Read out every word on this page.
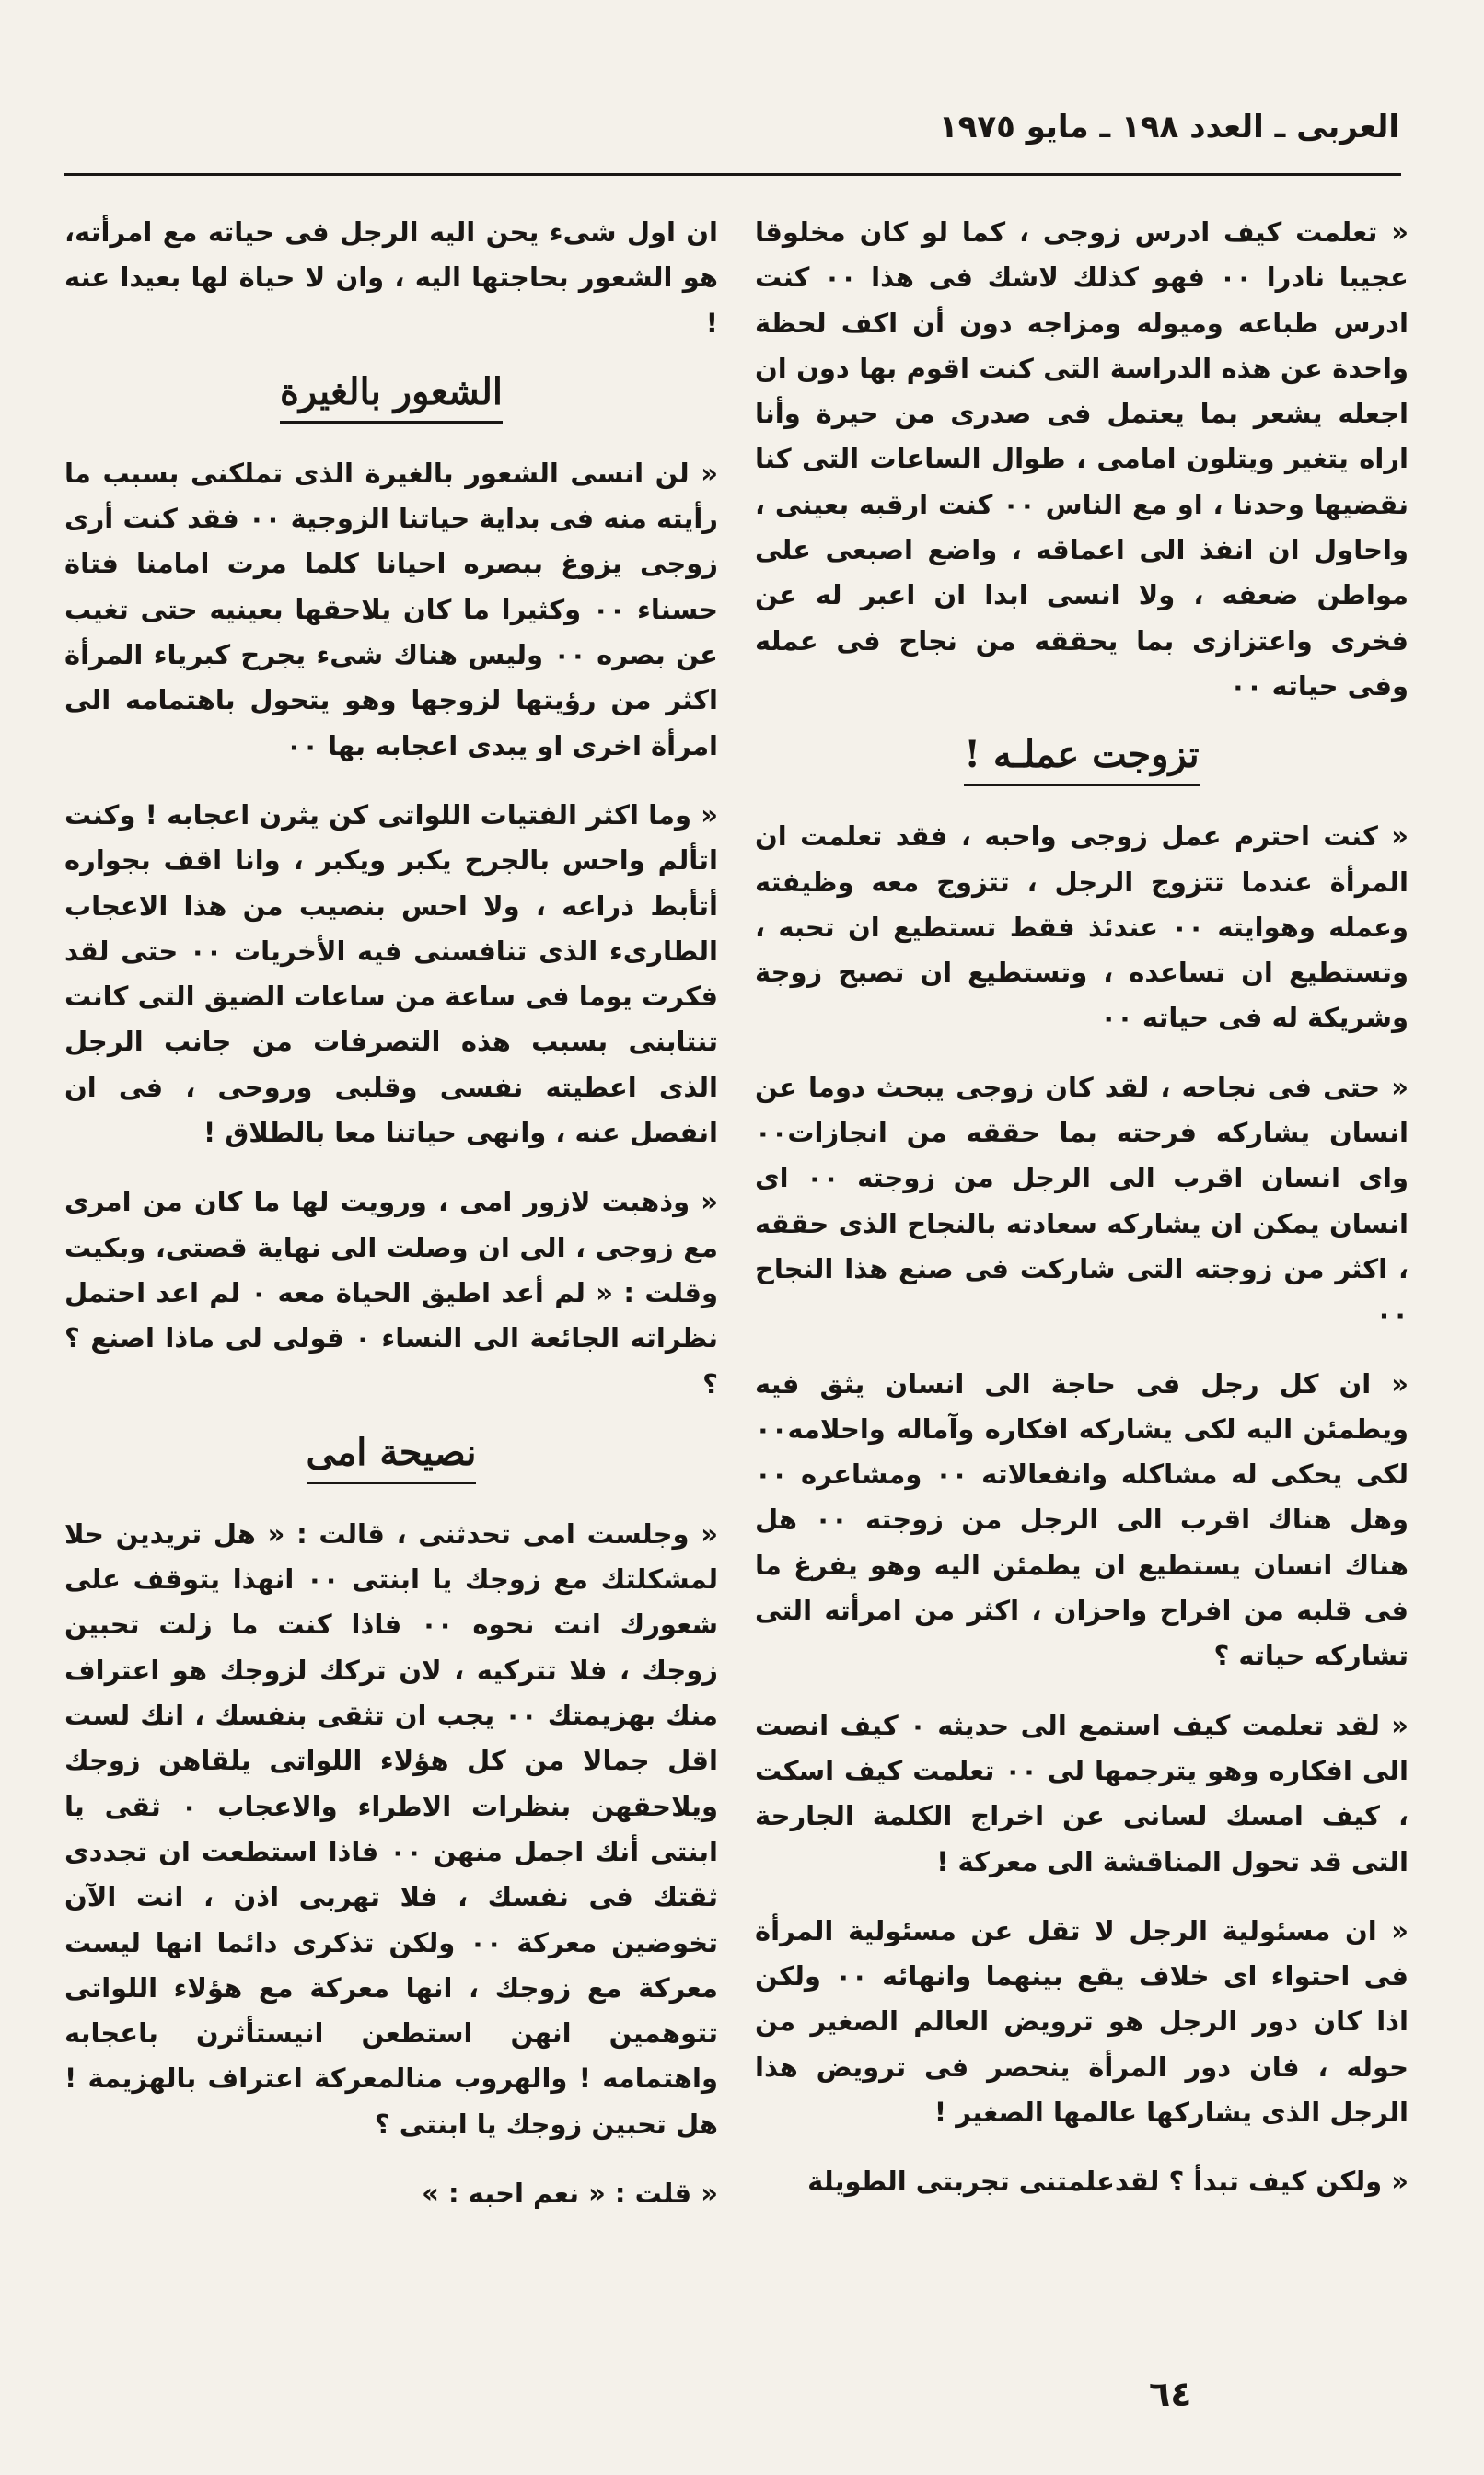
العربى ـ العدد ١٩٨ ـ مايو ١٩٧٥

« تعلمت كيف ادرس زوجى ، كما لو كان مخلوقا عجيبا نادرا ٠٠ فهو كذلك لاشك فى هذا ٠٠ كنت ادرس طباعه وميوله ومزاجه دون أن اكف لحظة واحدة عن هذه الدراسة التى كنت اقوم بها دون ان اجعله يشعر بما يعتمل فى صدرى من حيرة وأنا اراه يتغير ويتلون امامى ، طوال الساعات التى كنا نقضيها وحدنا ، او مع الناس ٠٠ كنت ارقبه بعينى ، واحاول ان انفذ الى اعماقه ، واضع اصبعى على مواطن ضعفه ، ولا انسى ابدا ان اعبر له عن فخرى واعتزازى بما يحققه من نجاح فى عمله وفى حياته ٠٠

تزوجت عملـه !

« كنت احترم عمل زوجى واحبه ، فقد تعلمت ان المرأة عندما تتزوج الرجل ، تتزوج معه وظيفته وعمله وهوايته ٠٠ عندئذ فقط تستطيع ان تحبه ، وتستطيع ان تساعده ، وتستطيع ان تصبح زوجة وشريكة له فى حياته ٠٠

« حتى فى نجاحه ، لقد كان زوجى يبحث دوما عن انسان يشاركه فرحته بما حققه من انجازات٠٠ واى انسان اقرب الى الرجل من زوجته ٠٠ اى انسان يمكن ان يشاركه سعادته بالنجاح الذى حققه ، اكثر من زوجته التى شاركت فى صنع هذا النجاح ٠٠

« ان كل رجل فى حاجة الى انسان يثق فيه ويطمئن اليه لكى يشاركه افكاره وآماله واحلامه٠٠ لكى يحكى له مشاكله وانفعالاته ٠٠ ومشاعره ٠٠ وهل هناك اقرب الى الرجل من زوجته ٠٠ هل هناك انسان يستطيع ان يطمئن اليه وهو يفرغ ما فى قلبه من افراح واحزان ، اكثر من امرأته التى تشاركه حياته ؟

« لقد تعلمت كيف استمع الى حديثه ٠ كيف انصت الى افكاره وهو يترجمها لى ٠٠ تعلمت كيف اسكت ، كيف امسك لسانى عن اخراج الكلمة الجارحة التى قد تحول المناقشة الى معركة !

« ان مسئولية الرجل لا تقل عن مسئولية المرأة فى احتواء اى خلاف يقع بينهما وانهائه ٠٠ ولكن اذا كان دور الرجل هو ترويض العالم الصغير من حوله ، فان دور المرأة ينحصر فى ترويض هذا الرجل الذى يشاركها عالمها الصغير !

« ولكن كيف تبدأ ؟ لقدعلمتنى تجربتى الطويلة

ان اول شىء يحن اليه الرجل فى حياته مع امرأته، هو الشعور بحاجتها اليه ، وان لا حياة لها بعيدا عنه !

الشعور بالغيرة

« لن انسى الشعور بالغيرة الذى تملكنى بسبب ما رأيته منه فى بداية حياتنا الزوجية ٠٠ فقد كنت أرى زوجى يزوغ ببصره احيانا كلما مرت امامنا فتاة حسناء ٠٠ وكثيرا ما كان يلاحقها بعينيه حتى تغيب عن بصره ٠٠ وليس هناك شىء يجرح كبرياء المرأة اكثر من رؤيتها لزوجها وهو يتحول باهتمامه الى امرأة اخرى او يبدى اعجابه بها ٠٠

« وما اكثر الفتيات اللواتى كن يثرن اعجابه ! وكنت اتألم واحس بالجرح يكبر ويكبر ، وانا اقف بجواره أتأبط ذراعه ، ولا احس بنصيب من هذا الاعجاب الطارىء الذى تنافسنى فيه الأخريات ٠٠ حتى لقد فكرت يوما فى ساعة من ساعات الضيق التى كانت تنتابنى بسبب هذه التصرفات من جانب الرجل الذى اعطيته نفسى وقلبى وروحى ، فى ان انفصل عنه ، وانهى حياتنا معا بالطلاق !

« وذهبت لازور امى ، ورويت لها ما كان من امرى مع زوجى ، الى ان وصلت الى نهاية قصتى، وبكيت وقلت : « لم أعد اطيق الحياة معه ٠ لم اعد احتمل نظراته الجائعة الى النساء ٠ قولى لى ماذا اصنع ؟ ؟

نصيحة امى

« وجلست امى تحدثنى ، قالت : « هل تريدين حلا لمشكلتك مع زوجك يا ابنتى ٠٠ انهذا يتوقف على شعورك انت نحوه ٠٠ فاذا كنت ما زلت تحبين زوجك ، فلا تتركيه ، لان تركك لزوجك هو اعتراف منك بهزيمتك ٠٠ يجب ان تثقى بنفسك ، انك لست اقل جمالا من كل هؤلاء اللواتى يلقاهن زوجك ويلاحقهن بنظرات الاطراء والاعجاب ٠ ثقى يا ابنتى أنك اجمل منهن ٠٠ فاذا استطعت ان تجددى ثقتك فى نفسك ، فلا تهربى اذن ، انت الآن تخوضين معركة ٠٠ ولكن تذكرى دائما انها ليست معركة مع زوجك ، انها معركة مع هؤلاء اللواتى تتوهمين انهن استطعن انيستأثرن باعجابه واهتمامه ! والهروب منالمعركة اعتراف بالهزيمة ! هل تحبين زوجك يا ابنتى ؟

« قلت : « نعم احبه : »

٦٤
